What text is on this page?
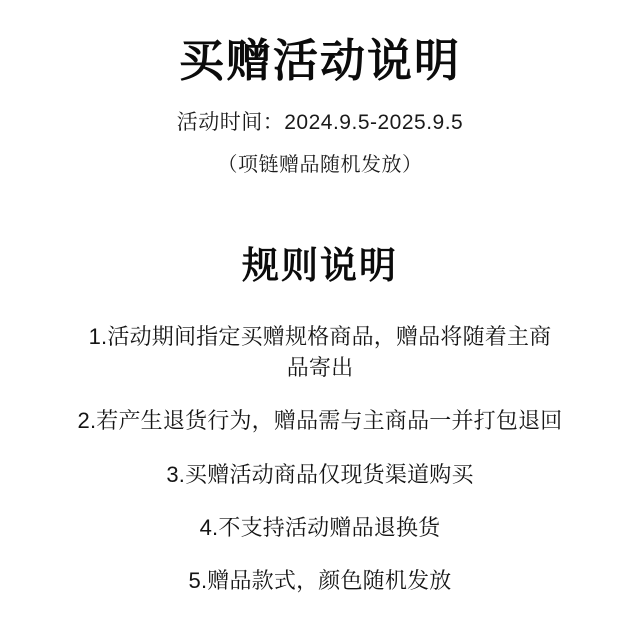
买赠活动说明
活动时间：2024.9.5-2025.9.5
（项链赠品随机发放）
规则说明
1.活动期间指定买赠规格商品，赠品将随着主商品寄出
2.若产生退货行为，赠品需与主商品一并打包退回
3.买赠活动商品仅现货渠道购买
4.不支持活动赠品退换货
5.赠品款式，颜色随机发放
